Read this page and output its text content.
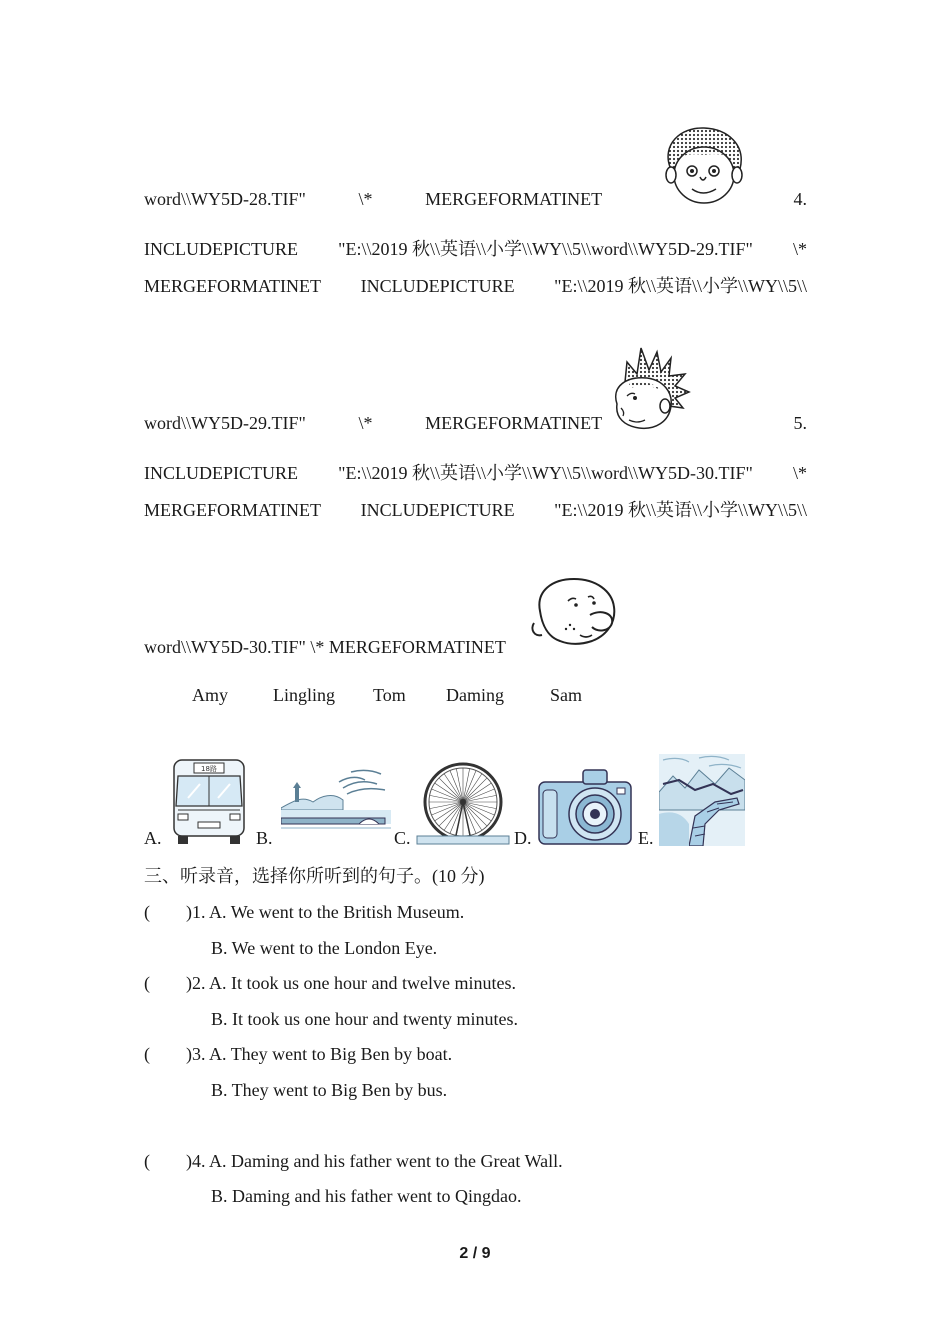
word\\WY5D-28.TIF"	\*	MERGEFORMATINET	4.
INCLUDEPICTURE "E:\\2019 秋\\英语\\小学\\WY\\5\\word\\WY5D-29.TIF" \*
MERGEFORMATINET INCLUDEPICTURE "E:\\2019 秋\\英语\\小学\\WY\\5\\
word\\WY5D-29.TIF"	\*	MERGEFORMATINET	5.
INCLUDEPICTURE "E:\\2019 秋\\英语\\小学\\WY\\5\\word\\WY5D-30.TIF" \*
MERGEFORMATINET INCLUDEPICTURE "E:\\2019 秋\\英语\\小学\\WY\\5\\
word\\WY5D-30.TIF" \* MERGEFORMATINET
Amy	Lingling Tom Daming	Sam
A.
18路
B.	C.	D.	E.
三、听录音，选择你所听到的句子。(10 分)
(        )1. A. We went to the British Museum.
B. We went to the London Eye.
(        )2. A. It took us one hour and twelve minutes.
B. It took us one hour and twenty minutes.
(        )3. A. They went to Big Ben by boat.
B. They went to Big Ben by bus.
(        )4. A. Daming and his father went to the Great Wall.
B. Daming and his father went to Qingdao.
2 / 9
